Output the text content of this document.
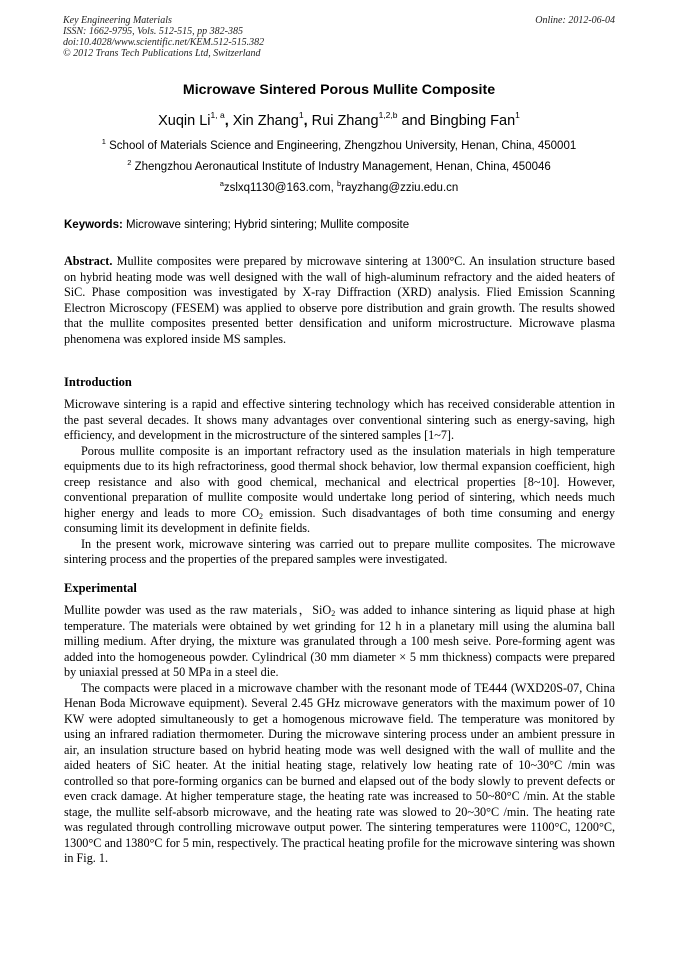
Key Engineering Materials
ISSN: 1662-9795, Vols. 512-515, pp 382-385
doi:10.4028/www.scientific.net/KEM.512-515.382
© 2012 Trans Tech Publications Ltd, Switzerland
Online: 2012-06-04
Microwave Sintered Porous Mullite Composite
Xuqin Li$^{1, a}$, Xin Zhang$^1$, Rui Zhang$^{1,2,b}$ and Bingbing Fan$^1$
$^1$ School of Materials Science and Engineering, Zhengzhou University, Henan, China, 450001
$^2$ Zhengzhou Aeronautical Institute of Industry Management, Henan, China, 450046
$^a$zslxq1130@163.com, $^b$rayzhang@zziu.edu.cn
Keywords: Microwave sintering; Hybrid sintering; Mullite composite

Abstract. Mullite composites were prepared by microwave sintering at 1300°C. An insulation structure based on hybrid heating mode was well designed with the wall of high-aluminum refractory and the aided heaters of SiC. Phase composition was investigated by X-ray Diffraction (XRD) analysis. Flied Emission Scanning Electron Microscopy (FESEM) was applied to observe pore distribution and grain growth. The results showed that the mullite composites presented better densification and uniform microstructure. Microwave plasma phenomena was explored inside MS samples.

Introduction

Microwave sintering is a rapid and effective sintering technology which has received considerable attention in the past several decades. It shows many advantages over conventional sintering such as energy-saving, high efficiency, and development in the microstructure of the sintered samples [1~7].

Porous mullite composite is an important refractory used as the insulation materials in high temperature equipments due to its high refractoriness, good thermal shock behavior, low thermal expansion coefficient, high creep resistance and also with good chemical, mechanical and electrical properties [8~10]. However, conventional preparation of mullite composite would undertake long period of sintering, which needs much higher energy and leads to more $CO_2$ emission. Such disadvantages of both time consuming and energy consuming limit its development in definite fields.

In the present work, microwave sintering was carried out to prepare mullite composites. The microwave sintering process and the properties of the prepared samples were investigated.

Experimental

Mullite powder was used as the raw materials，SiO$_2$ was added to inhance sintering as liquid phase at high temperature. The materials were obtained by wet grinding for 12 h in a planetary mill using the alumina ball milling medium. After drying, the mixture was granulated through a 100 mesh seive. Pore-forming agent was added into the homogeneous powder. Cylindrical (30 mm diameter × 5 mm thickness) compacts were prepared by uniaxial pressed at 50 MPa in a steel die.

The compacts were placed in a microwave chamber with the resonant mode of TE444 (WXD20S-07, China Henan Boda Microwave equipment). Several 2.45 GHz microwave generators with the maximum power of 10 KW were adopted simultaneously to get a homogenous microwave field. The temperature was monitored by using an infrared radiation thermometer. During the microwave sintering process under an ambient pressure in air, an insulation structure based on hybrid heating mode was well designed with the wall of mullite and the aided heaters of SiC heater. At the initial heating stage, relatively low heating rate of 10~30°C /min was controlled so that pore-forming organics can be burned and elapsed out of the body slowly to prevent defects or even crack damage. At higher temperature stage, the heating rate was increased to 50~80°C /min. At the stable stage, the mullite self-absorb microwave, and the heating rate was slowed to 20~30°C /min. The heating rate was regulated through controlling microwave output power. The sintering temperatures were 1100°C, 1200°C, 1300°C and 1380°C for 5 min, respectively. The practical heating profile for the microwave sintering was shown in Fig. 1.
